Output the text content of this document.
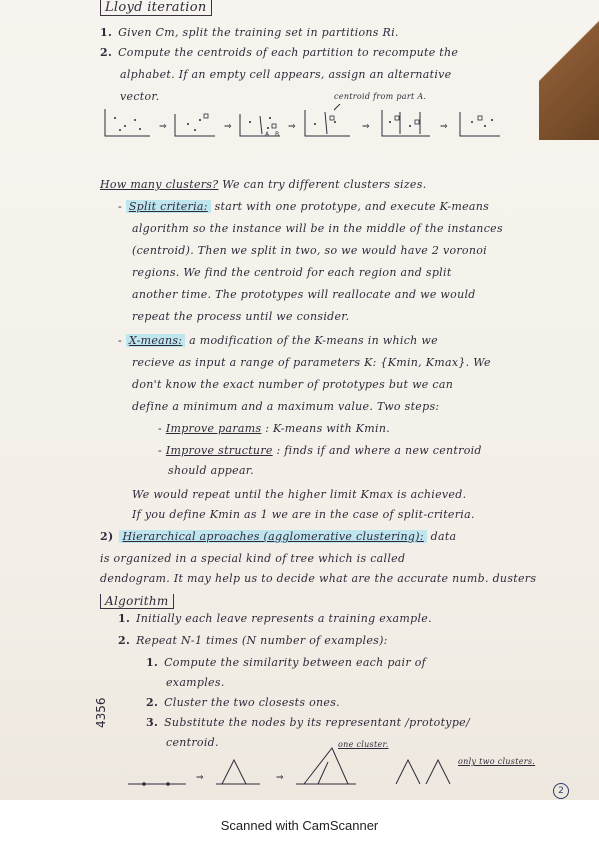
Lloyd iteration
1. Given Cm, split the training set in partitions Ri.
2. Compute the centroids of each partition to recompute the
alphabet. If an empty cell appears, assign an alternative
vector.	centroid from part A.
⇒	⇒	⇒	⇒	⇒
A B
How many clusters? We can try different clusters sizes.
- Split criteria: start with one prototype, and execute K-means
algorithm so the instance will be in the middle of the instances
(centroid). Then we split in two, so we would have 2 voronoi
regions. We find the centroid for each region and split
another time. The prototypes will reallocate and we would
repeat the process until we consider.
- X-means: a modification of the K-means in which we
recieve as input a range of parameters K: {Kmin, Kmax}. We
don't know the exact number of prototypes but we can
define a minimum and a maximum value. Two steps:
- Improve params : K-means with Kmin.
- Improve structure : finds if and where a new centroid
should appear.
We would repeat until the higher limit Kmax is achieved.
If you define Kmin as 1 we are in the case of split-criteria.
2) Hierarchical aproaches (agglomerative clustering): data
is organized in a special kind of tree which is called
dendogram. It may help us to decide what are the accurate numb. dusters
Algorithm
1. Initially each leave represents a training example.
2. Repeat N-1 times (N number of examples):
1. Compute the similarity between each pair of
examples.
2. Cluster the two closests ones.
3. Substitute the nodes by its representant /prototype/
centroid.	one cluster.
only two clusters.
⇒	⇒
4356
2
Scanned with CamScanner
